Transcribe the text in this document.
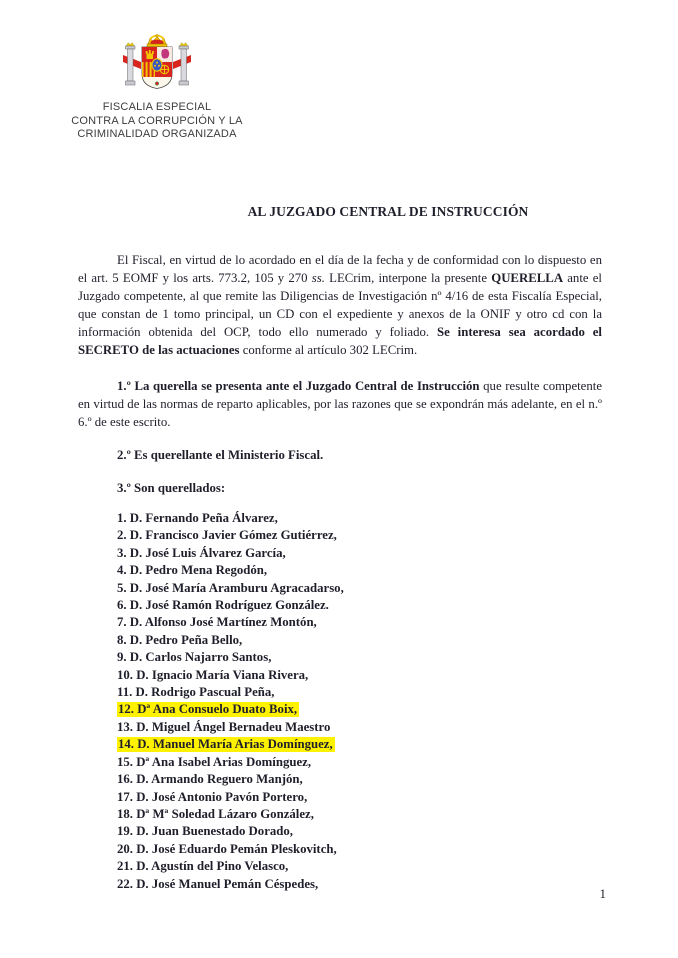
FISCALIA ESPECIAL
CONTRA LA CORRUPCIÓN Y LA
CRIMINALIDAD ORGANIZADA
AL JUZGADO CENTRAL DE INSTRUCCIÓN

El Fiscal, en virtud de lo acordado en el día de la fecha y de conformidad con lo dispuesto en el art. 5 EOMF y los arts. 773.2, 105 y 270 ss. LECrim, interpone la presente QUERELLA ante el Juzgado competente, al que remite las Diligencias de Investigación nº 4/16 de esta Fiscalía Especial, que constan de 1 tomo principal, un CD con el expediente y anexos de la ONIF y otro cd con la información obtenida del OCP, todo ello numerado y foliado. Se interesa sea acordado el SECRETO de las actuaciones conforme al artículo 302 LECrim.

1.º La querella se presenta ante el Juzgado Central de Instrucción que resulte competente en virtud de las normas de reparto aplicables, por las razones que se expondrán más adelante, en el n.º 6.º de este escrito.

2.º Es querellante el Ministerio Fiscal.

3.º Son querellados:

1. D. Fernando Peña Álvarez,
2. D. Francisco Javier Gómez Gutiérrez,
3. D. José Luis Álvarez García,
4. D. Pedro Mena Regodón,
5. D. José María Aramburu Agracadarso,
6. D. José Ramón Rodríguez González.
7. D. Alfonso José Martínez Montón,
8. D. Pedro Peña Bello,
9. D. Carlos Najarro Santos,
10. D. Ignacio María Viana Rivera,
11. D. Rodrigo Pascual Peña,
12. Dª Ana Consuelo Duato Boix,
13. D. Miguel Ángel Bernadeu Maestro
14. D. Manuel María Arias Domínguez,
15. Dª Ana Isabel Arias Domínguez,
16. D. Armando Reguero Manjón,
17. D. José Antonio Pavón Portero,
18. Dª Mª Soledad Lázaro González,
19. D. Juan Buenestado Dorado,
20. D. José Eduardo Pemán Pleskovitch,
21. D. Agustín del Pino Velasco,
22. D. José Manuel Pemán Céspedes,
1
